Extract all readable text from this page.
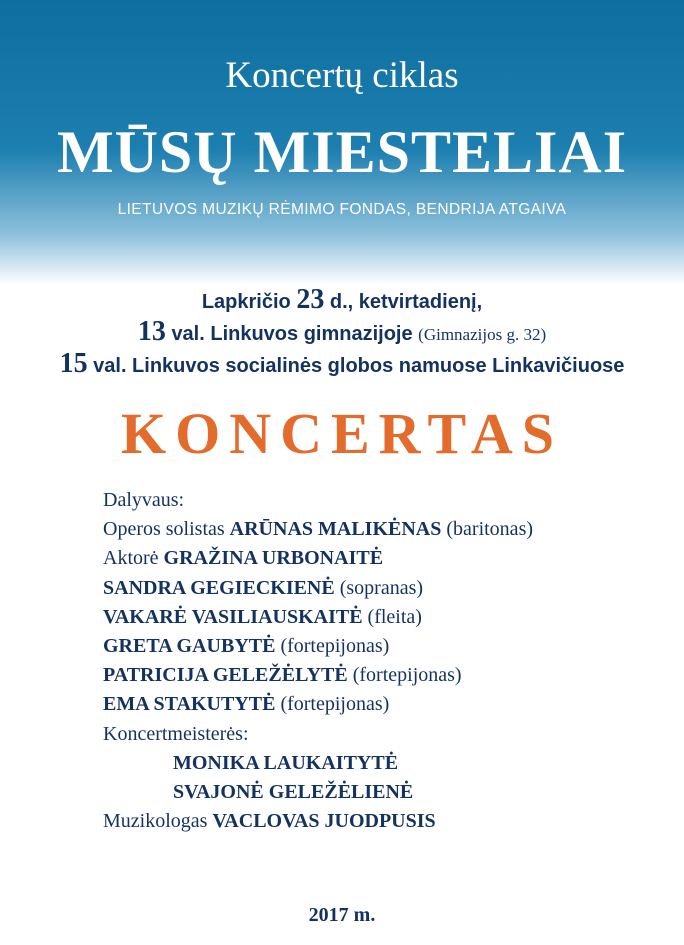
Koncertų ciklas
MŪSŲ MIESTELIAI
LIETUVOS MUZIKŲ RĖMIMO FONDAS, BENDRIJA ATGAIVA
Lapkričio 23 d., ketvirtadienį,
13 val. Linkuvos gimnazijoje (Gimnazijos g. 32)
15 val. Linkuvos socialinės globos namuose Linkavičiuose
KONCERTAS
Dalyvaus:
Operos solistas ARŪNAS MALIKĖNAS (baritonas)
Aktorė GRAŽINA URBONAITĖ
SANDRA GEGIECKIENĖ (sopranas)
VAKARĖ VASILIAUSKAITĖ (fleita)
GRETA GAUBYTĖ (fortepijonas)
PATRICIJA GELEŽĖLYTĖ (fortepijonas)
EMA STAKUTYTĖ (fortepijonas)
Koncertmeisterės:
MONIKA LAUKAITYTĖ
SVAJONĖ GELEŽĖLIENĖ
Muzikologas VACLOVAS JUODPUSIS
2017 m.
